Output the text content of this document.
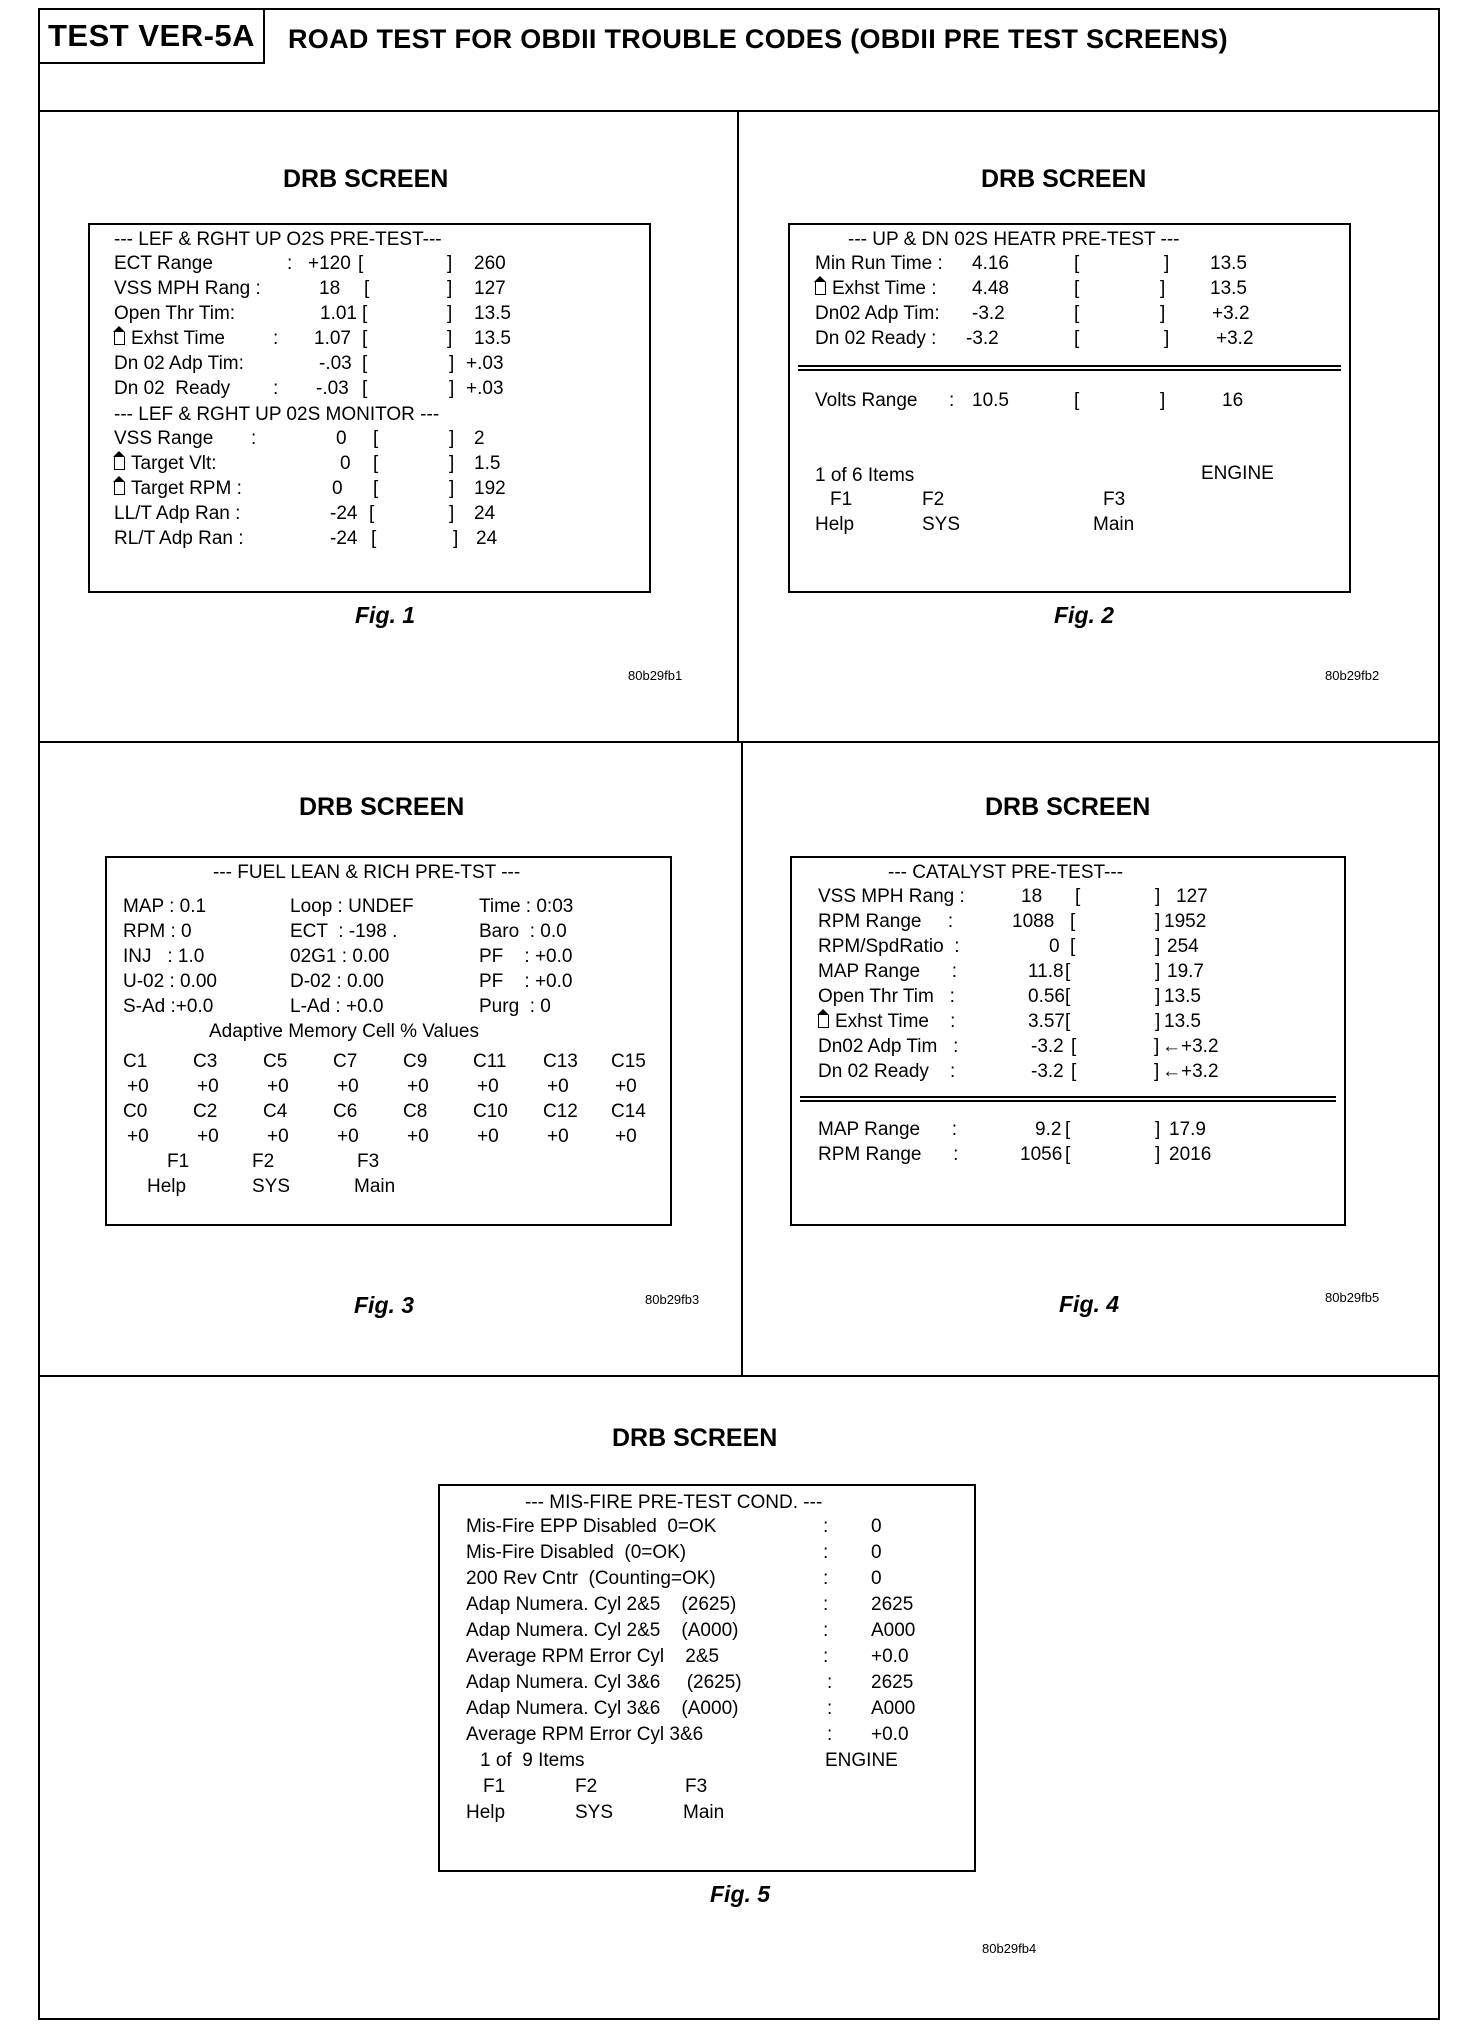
TEST VER-5A	ROAD TEST FOR OBDII TROUBLE CODES (OBDII PRE TEST SCREENS)
DRB SCREEN
--- LEF & RGHT UP O2S PRE-TEST---
ECT Range	: +120 [	] 260
VSS MPH Rang :	18 [	] 127
Open Thr Tim:	1.01 [	] 13.5
Exhst Time	: 1.07 [	] 13.5
Dn 02 Adp Tim:	-.03 [	] +.03
Dn 02  Ready : -.03 [	] +.03
--- LEF & RGHT UP 02S MONITOR ---
VSS Range :	0 [	] 2
Target Vlt:	0 [	] 1.5
Target RPM :	0 [	] 192
LL/T Adp Ran :	-24 [	] 24
RL/T Adp Ran :	-24 [	] 24
Fig. 1
80b29fb1
DRB SCREEN
--- UP & DN 02S HEATR PRE-TEST ---
Min Run Time : 4.16	[	] 13.5
Exhst Time : 4.48	[	] 13.5
Dn02 Adp Tim: -3.2	[	] +3.2
Dn 02 Ready : -3.2	[	] +3.2
Volts Range : 10.5	[	]	16
1 of 6 Items	ENGINE
F1	F2	F3
Help	SYS	Main
Fig. 2
80b29fb2
DRB SCREEN
--- FUEL LEAN & RICH PRE-TST ---
MAP : 0.1	Loop : UNDEF	Time : 0:03
RPM : 0	ECT  : -198 .	Baro  : 0.0
INJ   : 1.0	02G1 : 0.00	PF    : +0.0
U-02 : 0.00	D-02 : 0.00	PF    : +0.0
S-Ad :+0.0	L-Ad : +0.0	Purg  : 0
Adaptive Memory Cell % Values
C1 C3 C5 C7 C9 C11 C13 C15
+0	+0	+0	+0	+0	+0	+0 +0
C0 C2 C4 C6 C8 C10 C12 C14
+0	+0	+0	+0	+0	+0	+0 +0
F1	F2	F3
Help	SYS	Main
Fig. 3	80b29fb3
DRB SCREEN
--- CATALYST PRE-TEST---
VSS MPH Rang :	18 [	] 127
RPM Range     :	1088 [	] 1952
RPM/SpdRatio  :	0 [	] 254
MAP Range      :	11.8 [	] 19.7
Open Thr Tim   :	0.56 [	] 13.5
Exhst Time    :	3.57 [	] 13.5
Dn02 Adp Tim   :	-3.2 [	] ←+3.2
Dn 02 Ready    :	-3.2 [	] ←+3.2
MAP Range      :	9.2 [	] 17.9
RPM Range      :	1056 [	] 2016
Fig. 4	80b29fb5
DRB SCREEN
--- MIS-FIRE PRE-TEST COND. ---
Mis-Fire EPP Disabled  0=OK	: 0
Mis-Fire Disabled  (0=OK)	: 0
200 Rev Cntr  (Counting=OK)	: 0
Adap Numera. Cyl 2&5    (2625)	: 2625
Adap Numera. Cyl 2&5    (A000)	: A000
Average RPM Error Cyl    2&5	: +0.0
Adap Numera. Cyl 3&6     (2625)	: 2625
Adap Numera. Cyl 3&6    (A000)	: A000
Average RPM Error Cyl 3&6	: +0.0
1 of  9 Items	ENGINE
F1	F2	F3
Help	SYS	Main
Fig. 5
80b29fb4
